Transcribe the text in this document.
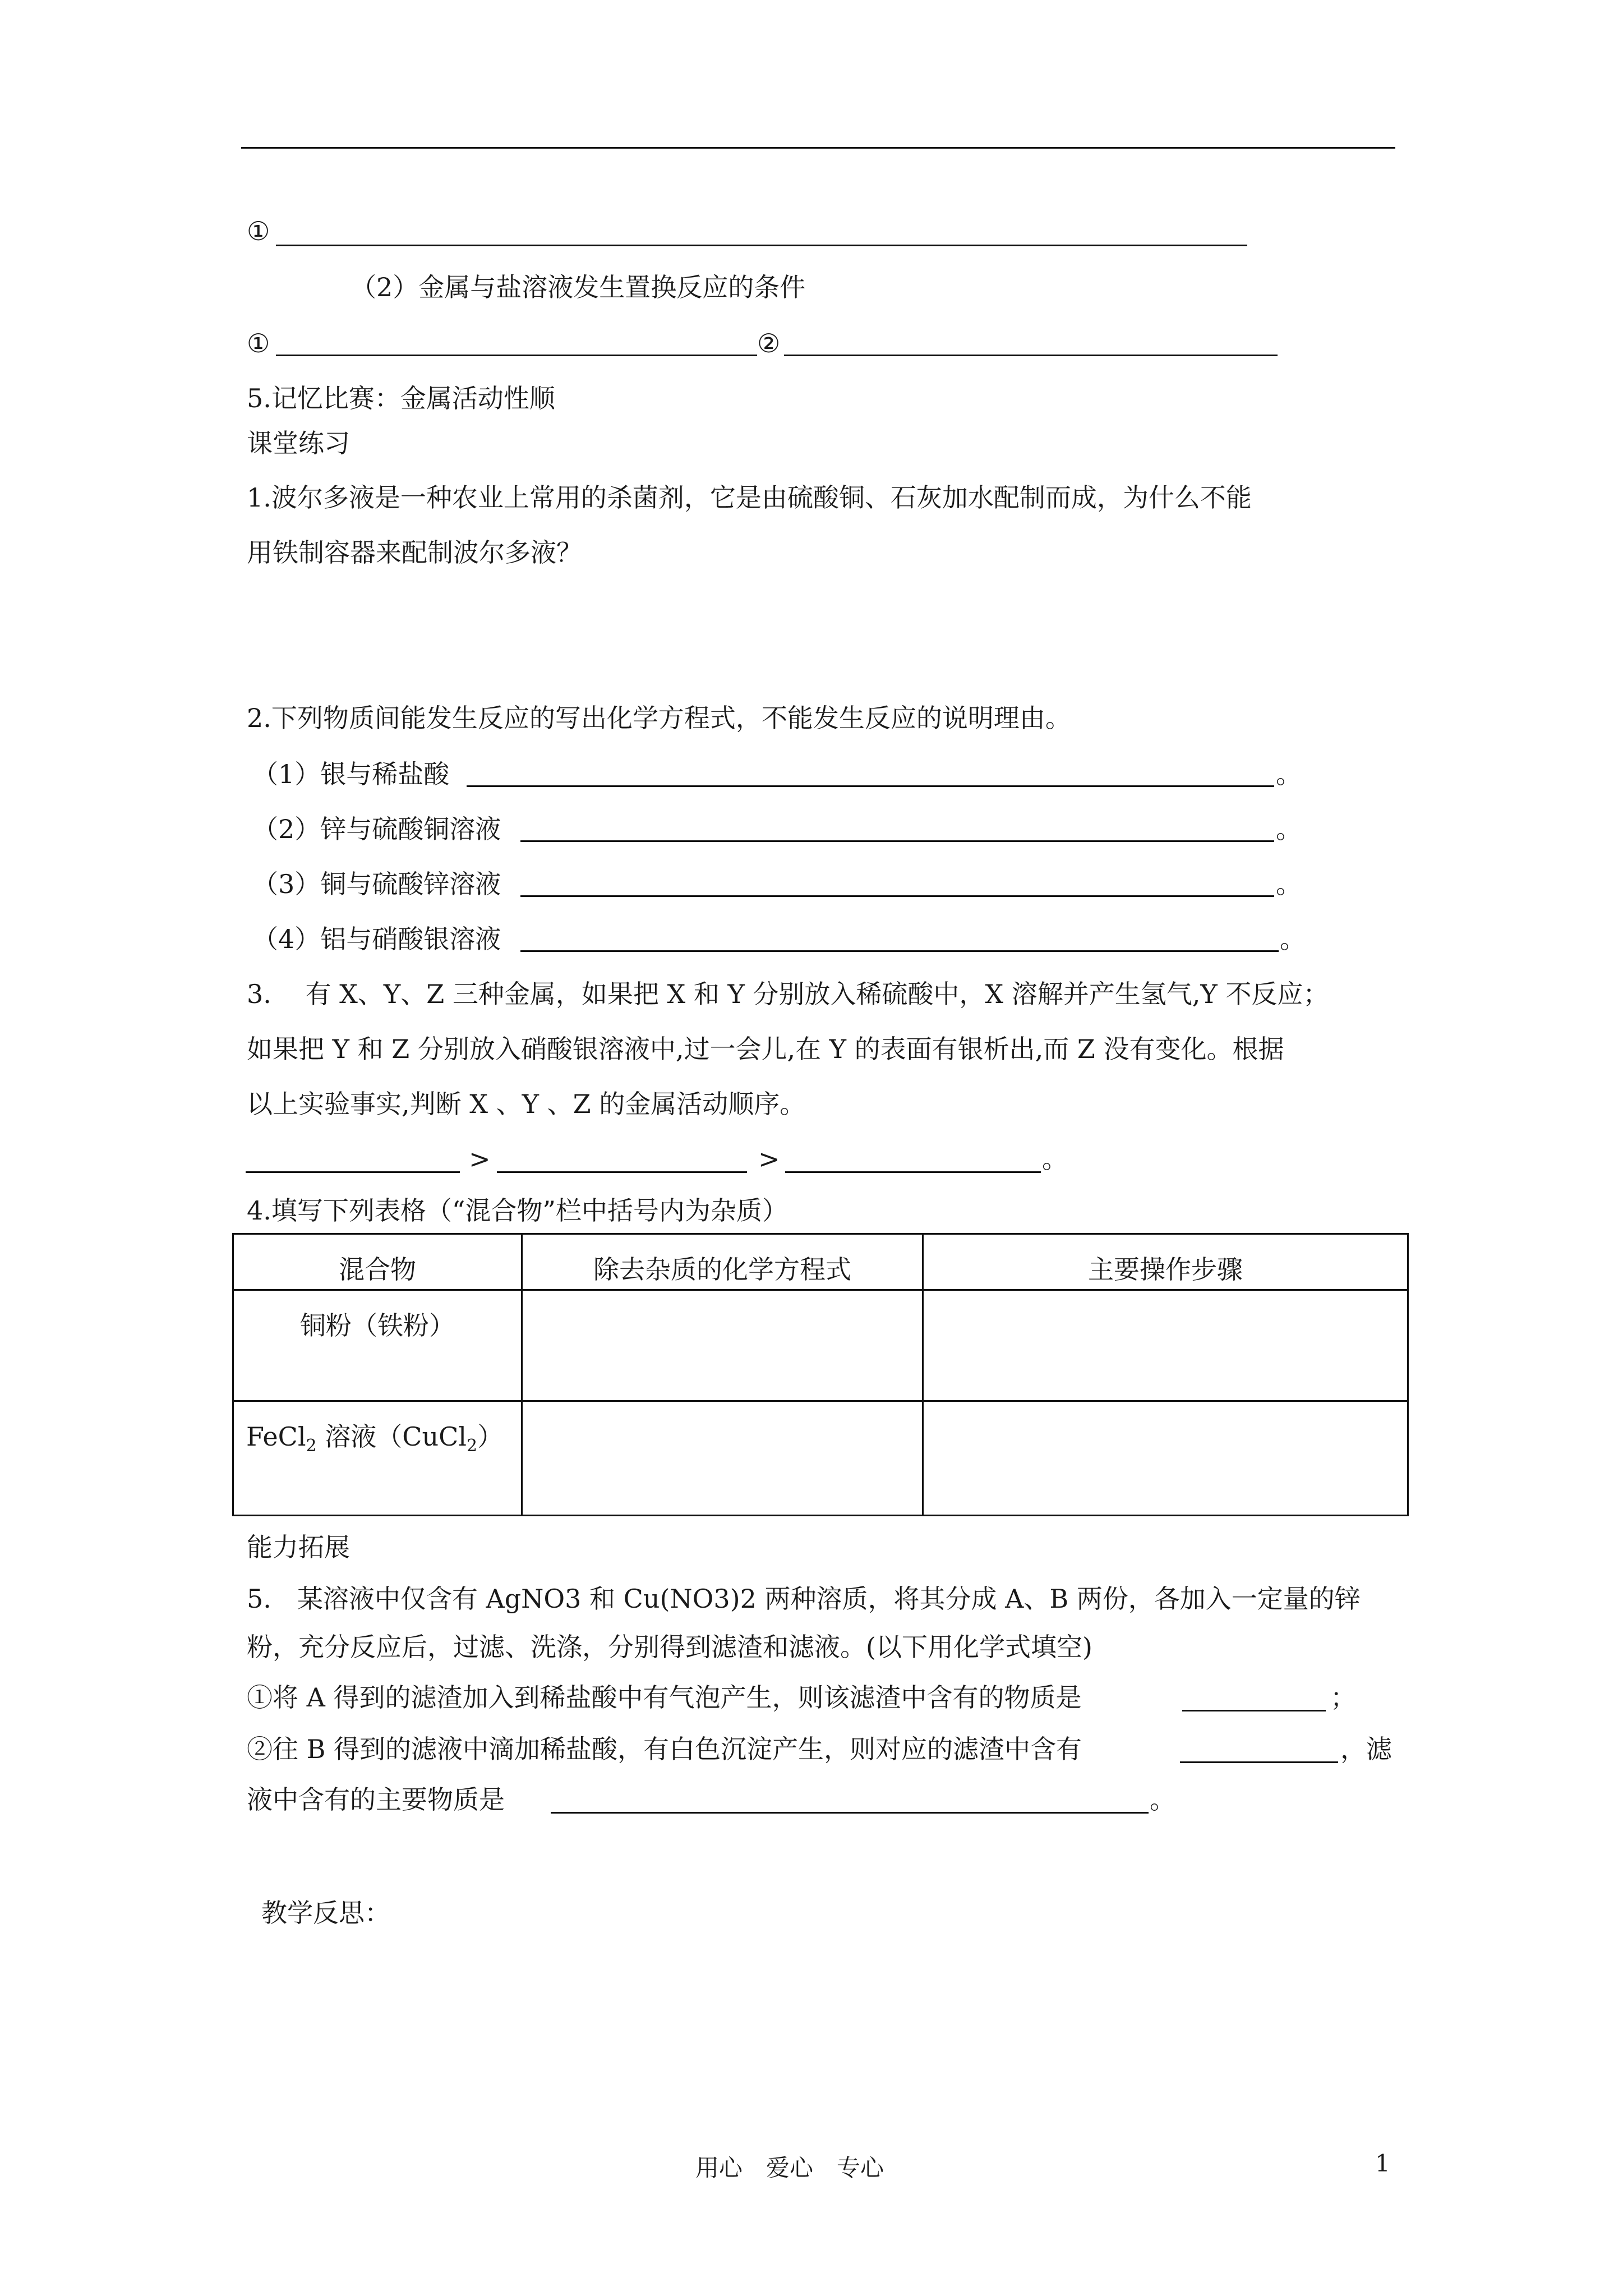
①
（2）金属与盐溶液发生置换反应的条件
①	②
5.记忆比赛：金属活动性顺
课堂练习
1.波尔多液是一种农业上常用的杀菌剂，它是由硫酸铜、石灰加水配制而成，为什么不能
用铁制容器来配制波尔多液？
2.下列物质间能发生反应的写出化学方程式，不能发生反应的说明理由。
（1）银与稀盐酸	。
（2）锌与硫酸铜溶液	。
（3）铜与硫酸锌溶液	。
（4）铝与硝酸银溶液	。
3.　 有 X、Y、Z 三种金属，如果把 X 和 Y 分别放入稀硫酸中，X 溶解并产生氢气,Y 不反应；
如果把 Y 和 Z 分别放入硝酸银溶液中,过一会儿,在 Y 的表面有银析出,而 Z 没有变化。根据
以上实验事实,判断 X 、Y 、Z 的金属活动顺序。
>	>	。
4.填写下列表格（“混合物”栏中括号内为杂质）
混合物	除去杂质的化学方程式	主要操作步骤
铜粉（铁粉）		
FeCl$_2$ 溶液（CuCl$_2$）		
能力拓展
5.　某溶液中仅含有 AgNO3 和 Cu(NO3)2 两种溶质，将其分成 A、B 两份，各加入一定量的锌
粉，充分反应后，过滤、洗涤，分别得到滤渣和滤液。(以下用化学式填空)
①将 A 得到的滤渣加入到稀盐酸中有气泡产生，则该滤渣中含有的物质是	；
②往 B 得到的滤液中滴加稀盐酸，有白色沉淀产生，则对应的滤渣中含有	，滤
液中含有的主要物质是	。
教学反思：
用心　爱心　专心	1
